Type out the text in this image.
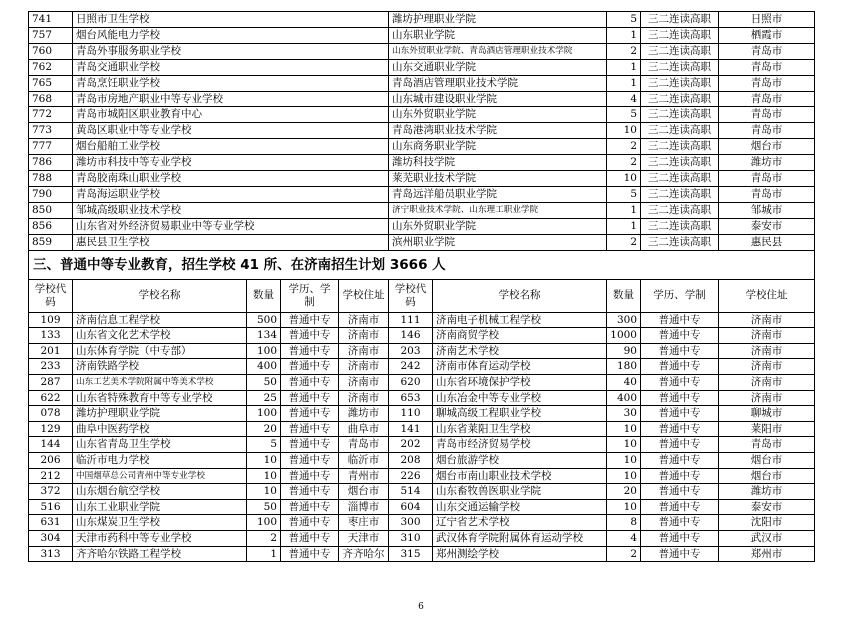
741	日照市卫生学校				潍坊护理职业学院		5	三二连读高职	日照市
757	烟台风能电力学校				山东职业学院		1	三二连读高职	栖霞市
760	青岛外事服务职业学校				山东外贸职业学院、青岛酒店管理职业技术学院		2	三二连读高职	青岛市
762	青岛交通职业学校				山东交通职业学院		1	三二连读高职	青岛市
765	青岛烹饪职业学校				青岛酒店管理职业技术学院		1	三二连读高职	青岛市
768	青岛市房地产职业中等专业学校				山东城市建设职业学院		4	三二连读高职	青岛市
772	青岛市城阳区职业教育中心				山东外贸职业学院		5	三二连读高职	青岛市
773	黄岛区职业中等专业学校				青岛港湾职业技术学院		10	三二连读高职	青岛市
777	烟台船舶工业学校				山东商务职业学院		2	三二连读高职	烟台市
786	潍坊市科技中等专业学校				潍坊科技学院		2	三二连读高职	潍坊市
788	青岛胶南珠山职业学校				莱芜职业技术学院		10	三二连读高职	青岛市
790	青岛海运职业学校				青岛远洋船员职业学院		5	三二连读高职	青岛市
850	邹城高级职业技术学校				济宁职业技术学院、山东理工职业学院		1	三二连读高职	邹城市
856	山东省对外经济贸易职业中等专业学校				山东外贸职业学院		1	三二连读高职	泰安市
859	惠民县卫生学校				滨州职业学院		2	三二连读高职	惠民县
三、普通中等专业教育，招生学校 41 所、在济南招生计划 3666 人									
学校代码	学校名称	数量	学历、学制	学校住址	学校代码	学校名称	数量	学历、学制	学校住址
109	济南信息工程学校	500	普通中专	济南市	111	济南电子机械工程学校	300	普通中专	济南市
133	山东省文化艺术学校	134	普通中专	济南市	146	济南商贸学校	1000	普通中专	济南市
201	山东体育学院（中专部）	100	普通中专	济南市	203	济南艺术学校	90	普通中专	济南市
233	济南铁路学校	400	普通中专	济南市	242	济南市体育运动学校	180	普通中专	济南市
287	山东工艺美术学院附属中等美术学校	50	普通中专	济南市	620	山东省环境保护学校	40	普通中专	济南市
622	山东省特殊教育中等专业学校	25	普通中专	济南市	653	山东冶金中等专业学校	400	普通中专	济南市
078	潍坊护理职业学院	100	普通中专	潍坊市	110	聊城高级工程职业学校	30	普通中专	聊城市
129	曲阜中医药学校	20	普通中专	曲阜市	141	山东省莱阳卫生学校	10	普通中专	莱阳市
144	山东省青岛卫生学校	5	普通中专	青岛市	202	青岛市经济贸易学校	10	普通中专	青岛市
206	临沂市电力学校	10	普通中专	临沂市	208	烟台旅游学校	10	普通中专	烟台市
212	中国烟草总公司青州中等专业学校	10	普通中专	青州市	226	烟台市南山职业技术学校	10	普通中专	烟台市
372	山东烟台航空学校	10	普通中专	烟台市	514	山东畜牧兽医职业学院	20	普通中专	潍坊市
516	山东工业职业学院	50	普通中专	淄博市	604	山东交通运输学校	10	普通中专	泰安市
631	山东煤炭卫生学校	100	普通中专	枣庄市	300	辽宁省艺术学校	8	普通中专	沈阳市
304	天津市药科中等专业学校	2	普通中专	天津市	310	武汉体育学院附属体育运动学校	4	普通中专	武汉市
313	齐齐哈尔铁路工程学校	1	普通中专	齐齐哈尔	315	郑州测绘学校	2	普通中专	郑州市
6
